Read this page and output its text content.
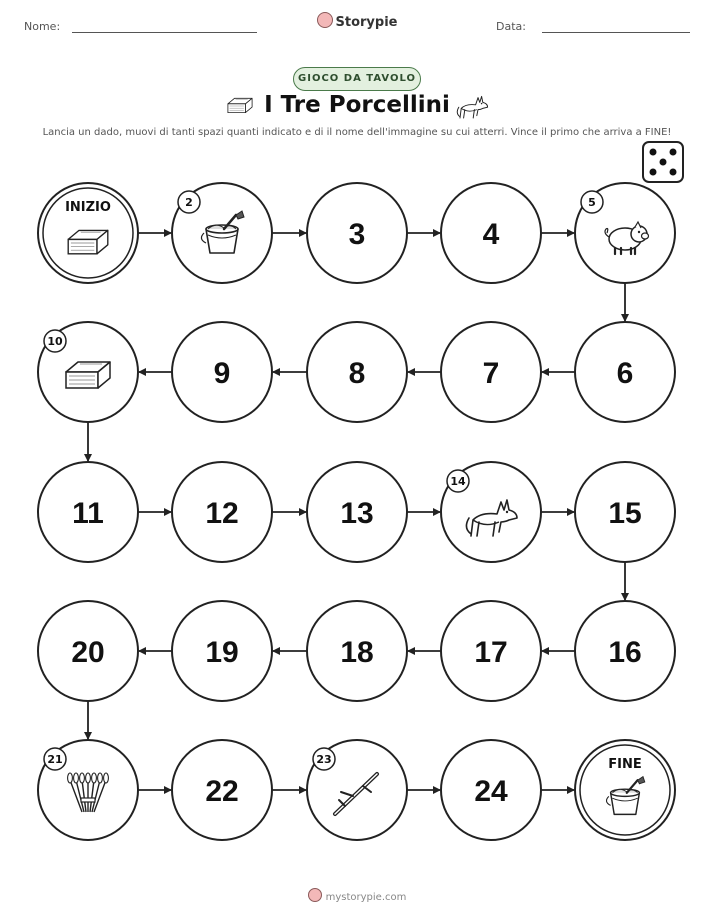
Nome:	Storypie	Data:
GIOCO DA TAVOLO
I Tre Porcellini
Lancia un dado, muovi di tanti spazi quanti indicato e di il nome dell'immagine su cui atterri. Vince il primo che arriva a FINE!
INIZIO	2
3	4
5
6
7
8
9
10
11	12	13
14
15
16
17
18
19
20
21
22
23
24
FINE
mystorypie.com
